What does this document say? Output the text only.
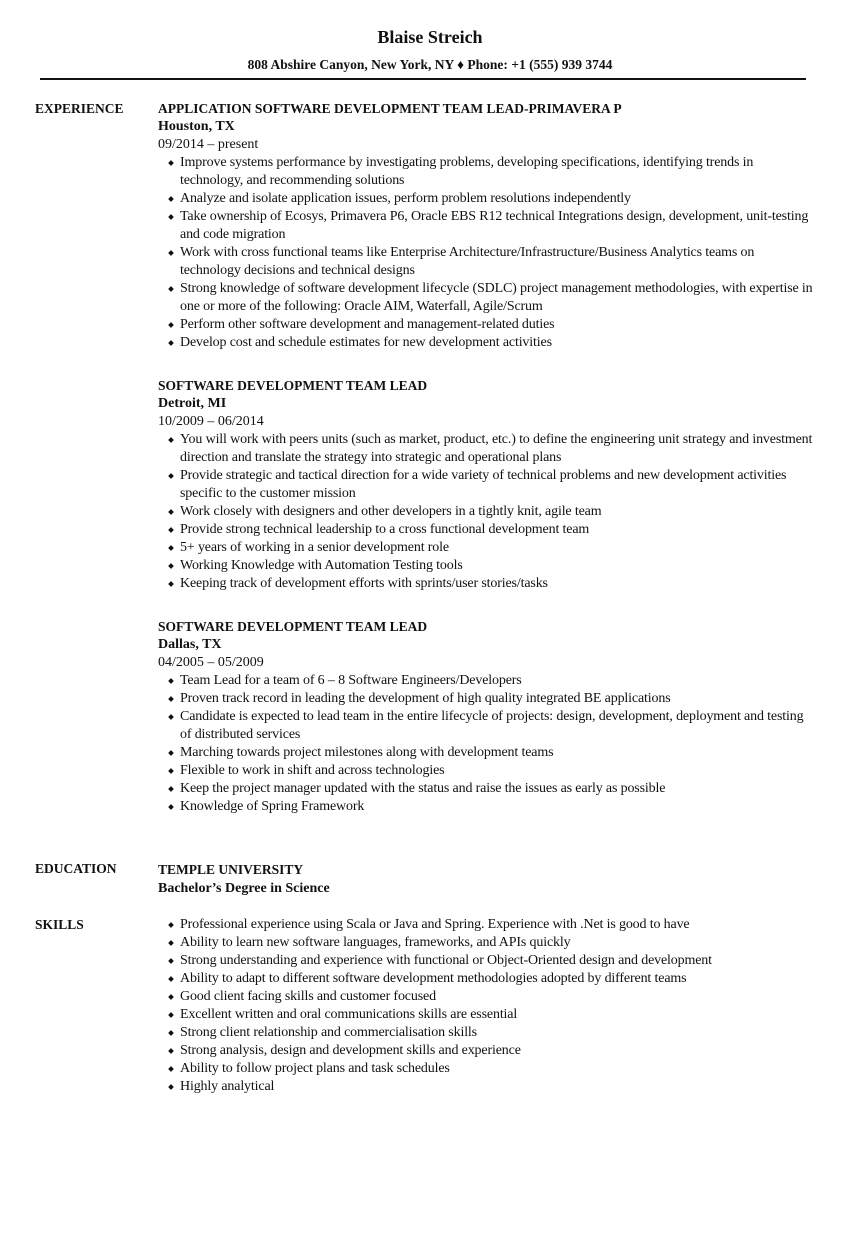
Blaise Streich
808 Abshire Canyon, New York, NY ♦ Phone: +1 (555) 939 3744
EXPERIENCE	APPLICATION SOFTWARE DEVELOPMENT TEAM LEAD-PRIMAVERA P
Houston, TX
09/2014 – present
Improve systems performance by investigating problems, developing specifications, identifying trends in technology, and recommending solutions
Analyze and isolate application issues, perform problem resolutions independently
Take ownership of Ecosys, Primavera P6, Oracle EBS R12 technical Integrations design, development, unit-testing and code migration
Work with cross functional teams like Enterprise Architecture/Infrastructure/Business Analytics teams on technology decisions and technical designs
Strong knowledge of software development lifecycle (SDLC) project management methodologies, with expertise in one or more of the following: Oracle AIM, Waterfall, Agile/Scrum
Perform other software development and management-related duties
Develop cost and schedule estimates for new development activities
SOFTWARE DEVELOPMENT TEAM LEAD
Detroit, MI
10/2009 – 06/2014
You will work with peers units (such as market, product, etc.) to define the engineering unit strategy and investment direction and translate the strategy into strategic and operational plans
Provide strategic and tactical direction for a wide variety of technical problems and new development activities specific to the customer mission
Work closely with designers and other developers in a tightly knit, agile team
Provide strong technical leadership to a cross functional development team
5+ years of working in a senior development role
Working Knowledge with Automation Testing tools
Keeping track of development efforts with sprints/user stories/tasks
SOFTWARE DEVELOPMENT TEAM LEAD
Dallas, TX
04/2005 – 05/2009
Team Lead for a team of 6 – 8 Software Engineers/Developers
Proven track record in leading the development of high quality integrated BE applications
Candidate is expected to lead team in the entire lifecycle of projects: design, development, deployment and testing of distributed services
Marching towards project milestones along with development teams
Flexible to work in shift and across technologies
Keep the project manager updated with the status and raise the issues as early as possible
Knowledge of Spring Framework
EDUCATION	TEMPLE UNIVERSITY
Bachelor’s Degree in Science
SKILLS	Professional experience using Scala or Java and Spring. Experience with .Net is good to have
Ability to learn new software languages, frameworks, and APIs quickly
Strong understanding and experience with functional or Object-Oriented design and development
Ability to adapt to different software development methodologies adopted by different teams
Good client facing skills and customer focused
Excellent written and oral communications skills are essential
Strong client relationship and commercialisation skills
Strong analysis, design and development skills and experience
Ability to follow project plans and task schedules
Highly analytical
